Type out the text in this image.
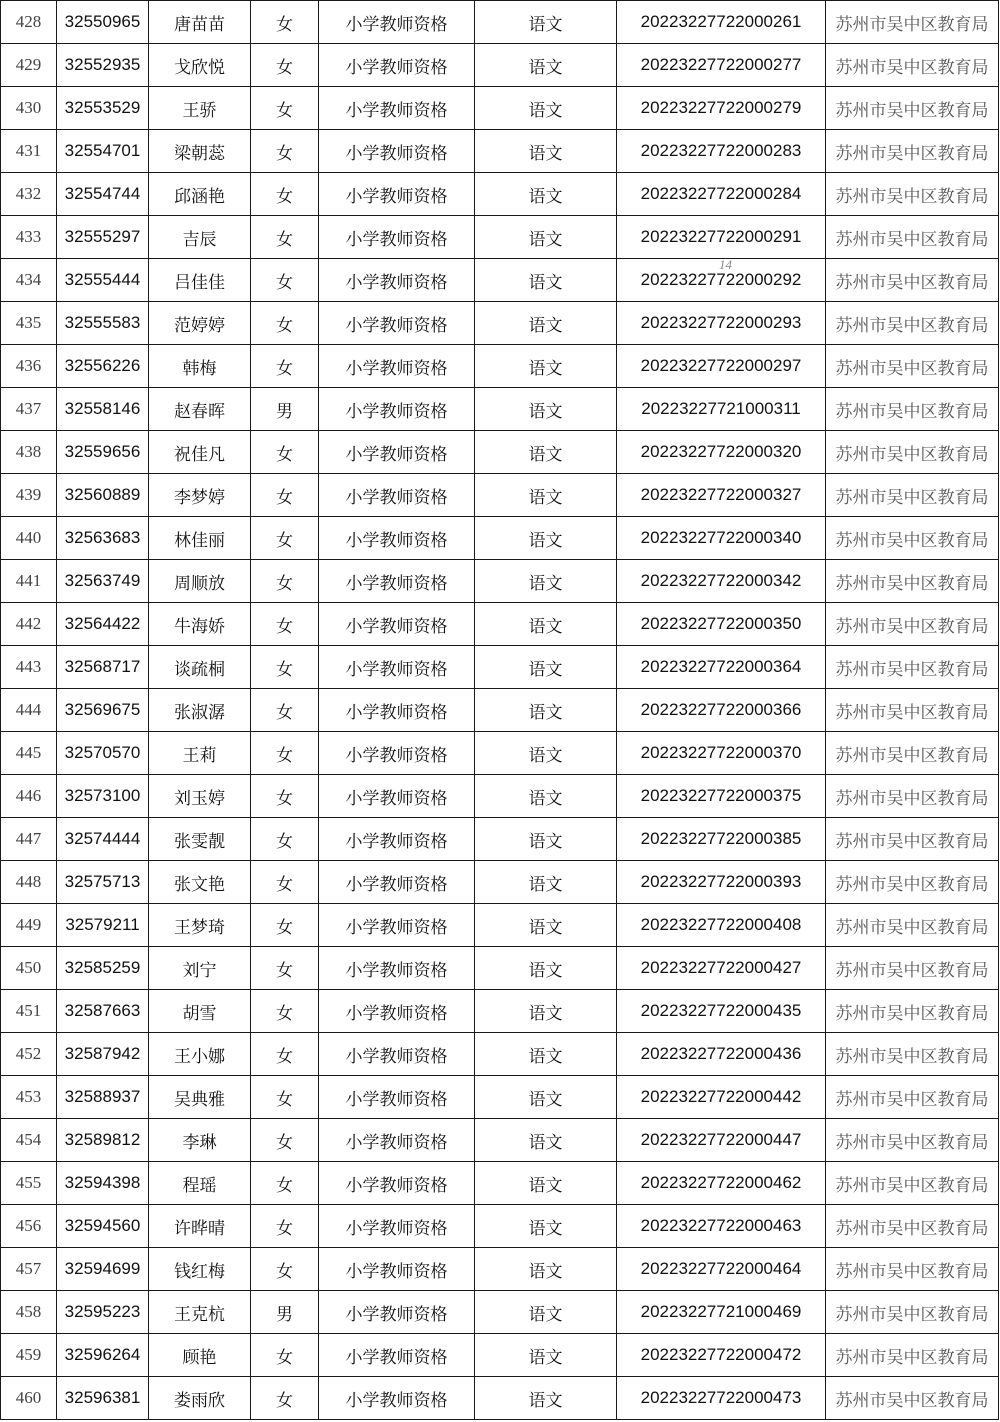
428	32550965	唐苗苗	女	小学教师资格	语文	20223227722000261	苏州市吴中区教育局
429	32552935	戈欣悦	女	小学教师资格	语文	20223227722000277	苏州市吴中区教育局
430	32553529	王骄	女	小学教师资格	语文	20223227722000279	苏州市吴中区教育局
431	32554701	梁朝蕊	女	小学教师资格	语文	20223227722000283	苏州市吴中区教育局
432	32554744	邱涵艳	女	小学教师资格	语文	20223227722000284	苏州市吴中区教育局
433	32555297	吉辰	女	小学教师资格	语文	20223227722000291	苏州市吴中区教育局
434	32555444	吕佳佳	女	小学教师资格	语文	20223227722000292	苏州市吴中区教育局
435	32555583	范婷婷	女	小学教师资格	语文	20223227722000293	苏州市吴中区教育局
436	32556226	韩梅	女	小学教师资格	语文	20223227722000297	苏州市吴中区教育局
437	32558146	赵春晖	男	小学教师资格	语文	20223227721000311	苏州市吴中区教育局
438	32559656	祝佳凡	女	小学教师资格	语文	20223227722000320	苏州市吴中区教育局
439	32560889	李梦婷	女	小学教师资格	语文	20223227722000327	苏州市吴中区教育局
440	32563683	林佳丽	女	小学教师资格	语文	20223227722000340	苏州市吴中区教育局
441	32563749	周顺放	女	小学教师资格	语文	20223227722000342	苏州市吴中区教育局
442	32564422	牛海娇	女	小学教师资格	语文	20223227722000350	苏州市吴中区教育局
443	32568717	谈疏桐	女	小学教师资格	语文	20223227722000364	苏州市吴中区教育局
444	32569675	张淑潺	女	小学教师资格	语文	20223227722000366	苏州市吴中区教育局
445	32570570	王莉	女	小学教师资格	语文	20223227722000370	苏州市吴中区教育局
446	32573100	刘玉婷	女	小学教师资格	语文	20223227722000375	苏州市吴中区教育局
447	32574444	张雯靓	女	小学教师资格	语文	20223227722000385	苏州市吴中区教育局
448	32575713	张文艳	女	小学教师资格	语文	20223227722000393	苏州市吴中区教育局
449	32579211	王梦琦	女	小学教师资格	语文	20223227722000408	苏州市吴中区教育局
450	32585259	刘宁	女	小学教师资格	语文	20223227722000427	苏州市吴中区教育局
451	32587663	胡雪	女	小学教师资格	语文	20223227722000435	苏州市吴中区教育局
452	32587942	王小娜	女	小学教师资格	语文	20223227722000436	苏州市吴中区教育局
453	32588937	吴典雅	女	小学教师资格	语文	20223227722000442	苏州市吴中区教育局
454	32589812	李琳	女	小学教师资格	语文	20223227722000447	苏州市吴中区教育局
455	32594398	程瑶	女	小学教师资格	语文	20223227722000462	苏州市吴中区教育局
456	32594560	许晔晴	女	小学教师资格	语文	20223227722000463	苏州市吴中区教育局
457	32594699	钱红梅	女	小学教师资格	语文	20223227722000464	苏州市吴中区教育局
458	32595223	王克杭	男	小学教师资格	语文	20223227721000469	苏州市吴中区教育局
459	32596264	顾艳	女	小学教师资格	语文	20223227722000472	苏州市吴中区教育局
460	32596381	娄雨欣	女	小学教师资格	语文	20223227722000473	苏州市吴中区教育局
14
